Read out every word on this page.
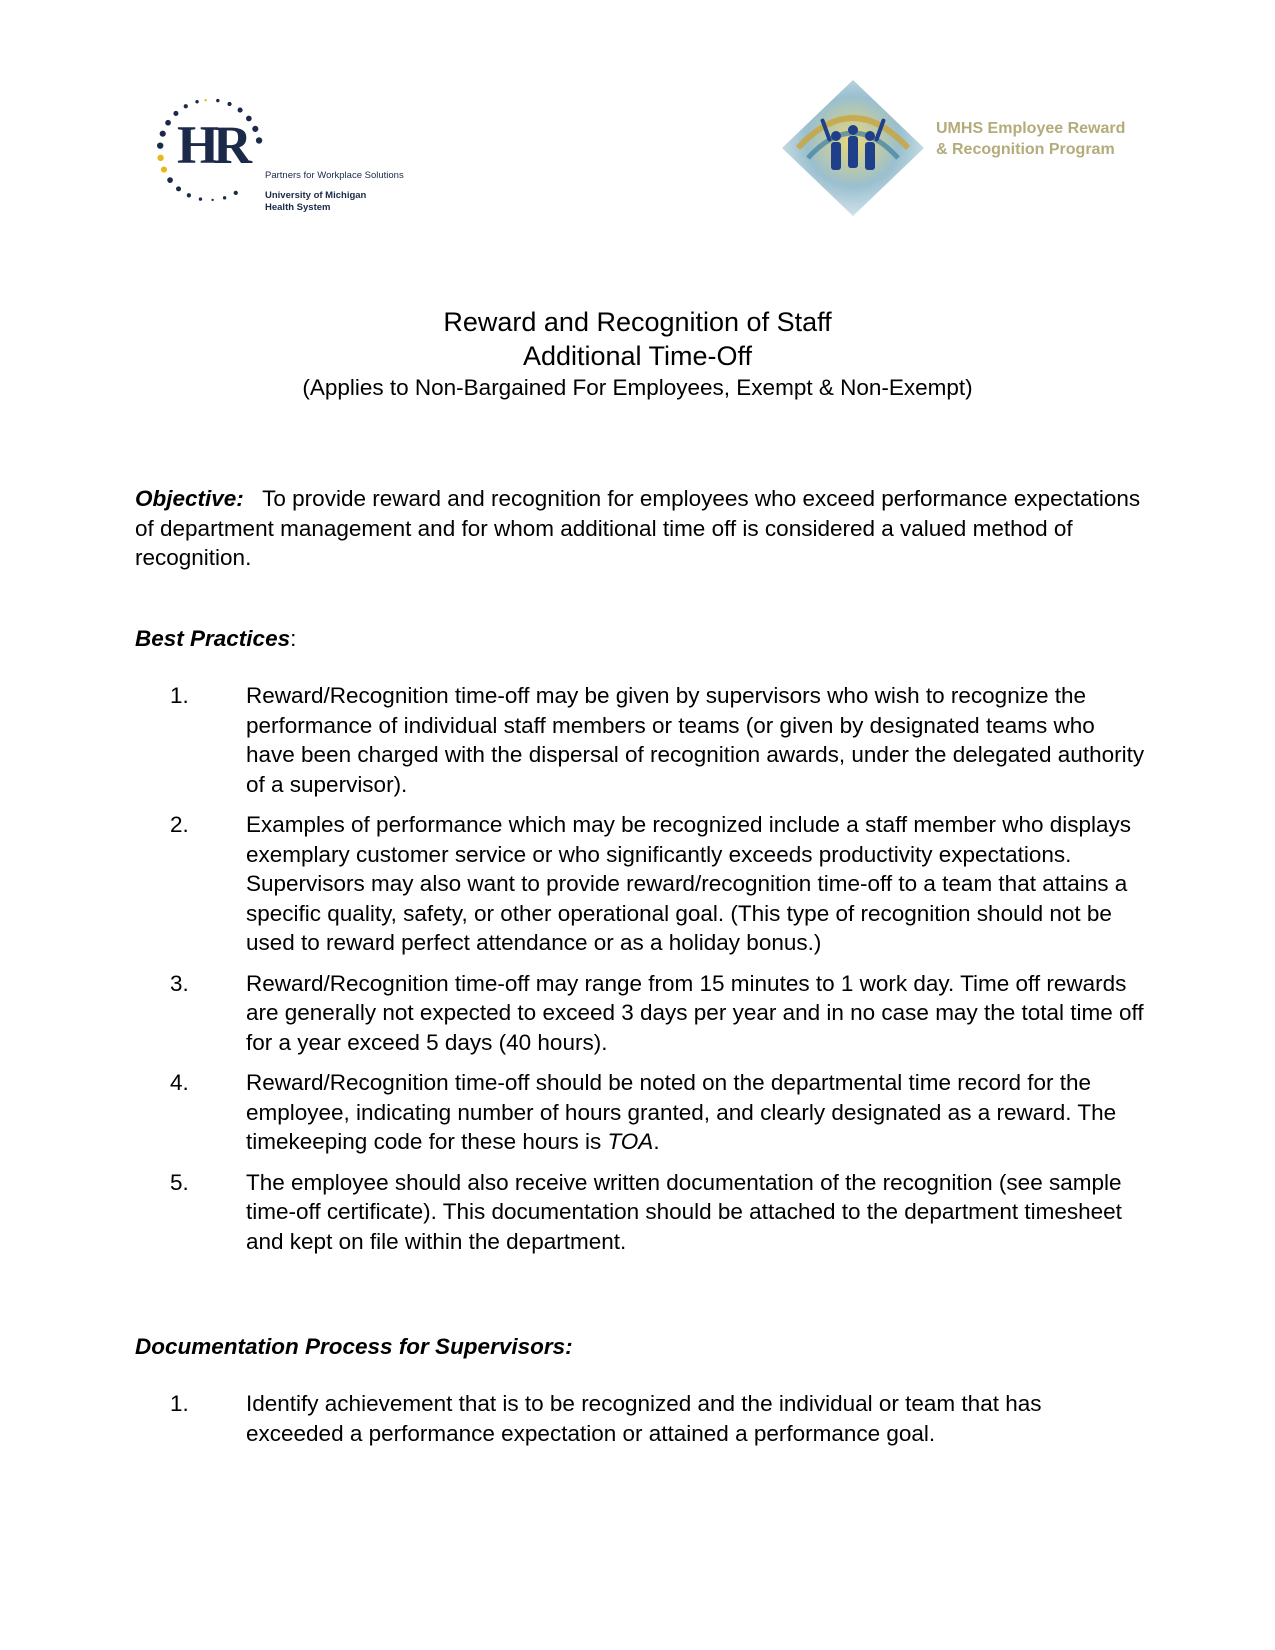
HR
Partners for Workplace Solutions
University of Michigan
Health System
UMHS Employee Reward
& Recognition Program
Reward and Recognition of Staff
Additional Time-Off
(Applies to Non-Bargained For Employees, Exempt & Non-Exempt)

Objective: To provide reward and recognition for employees who exceed performance expectations of department management and for whom additional time off is considered a valued method of recognition.

Best Practices:
1.	Reward/Recognition time-off may be given by supervisors who wish to recognize the performance of individual staff members or teams (or given by designated teams who have been charged with the dispersal of recognition awards, under the delegated authority of a supervisor).
2.	Examples of performance which may be recognized include a staff member who displays exemplary customer service or who significantly exceeds productivity expectations. Supervisors may also want to provide reward/recognition time-off to a team that attains a specific quality, safety, or other operational goal. (This type of recognition should not be used to reward perfect attendance or as a holiday bonus.)
3.	Reward/Recognition time-off may range from 15 minutes to 1 work day. Time off rewards are generally not expected to exceed 3 days per year and in no case may the total time off for a year exceed 5 days (40 hours).
4.	Reward/Recognition time-off should be noted on the departmental time record for the employee, indicating number of hours granted, and clearly designated as a reward. The timekeeping code for these hours is TOA.
5.	The employee should also receive written documentation of the recognition (see sample time-off certificate). This documentation should be attached to the department timesheet and kept on file within the department.
Documentation Process for Supervisors:
1.	Identify achievement that is to be recognized and the individual or team that has exceeded a performance expectation or attained a performance goal.
